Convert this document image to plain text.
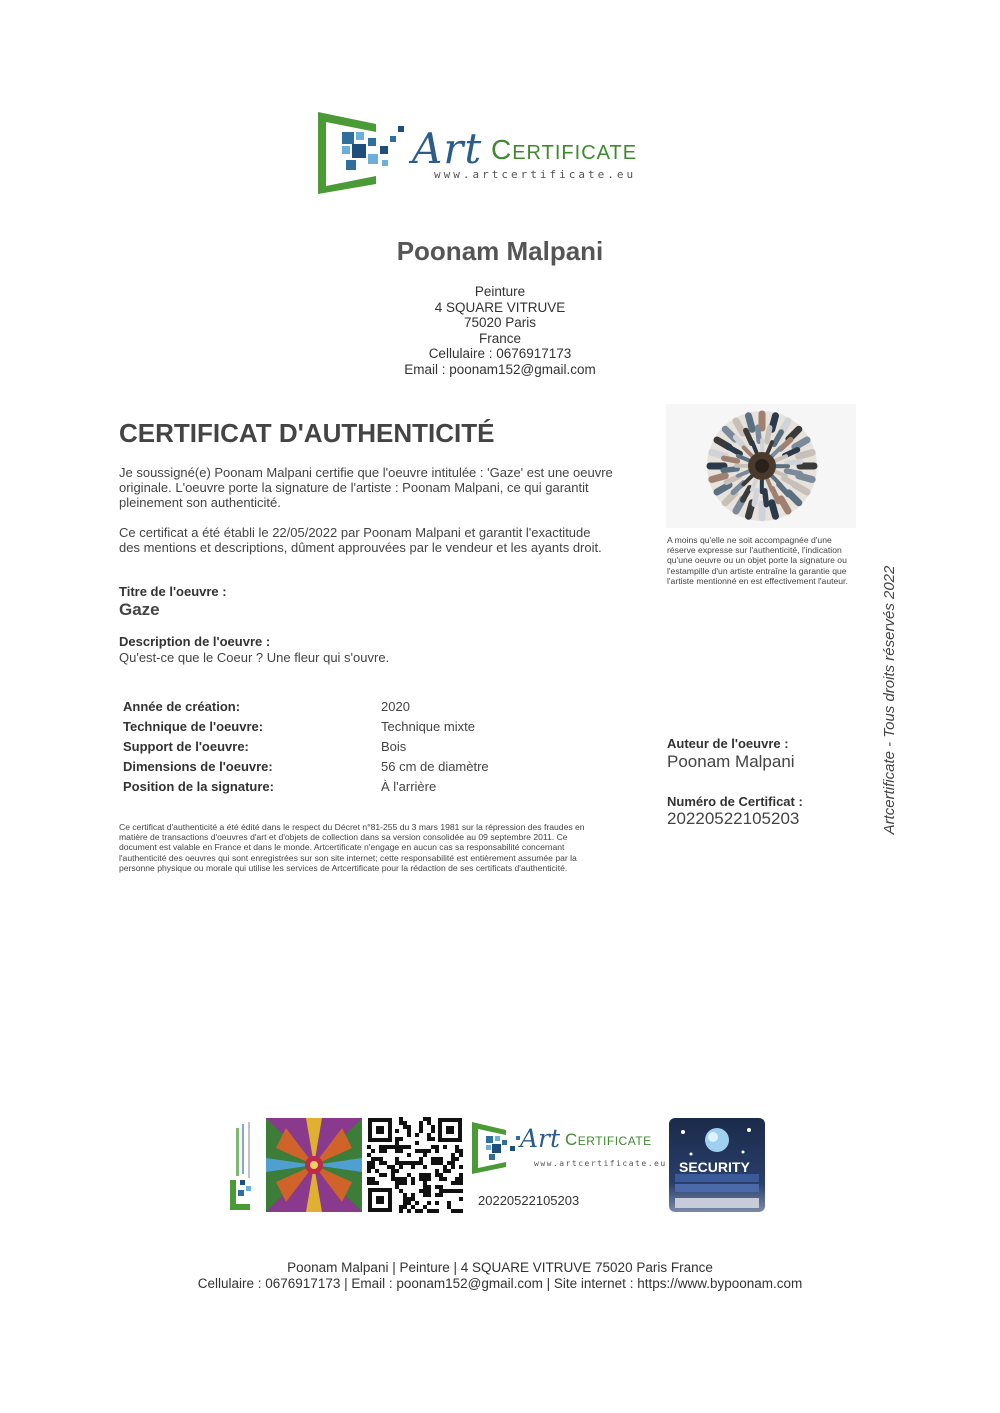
Art Certificate
www.artcertificate.eu
Poonam Malpani
Peinture
4 SQUARE VITRUVE
75020 Paris
France
Cellulaire : 0676917173
Email : poonam152@gmail.com
CERTIFICAT D'AUTHENTICITÉ
Je soussigné(e) Poonam Malpani certifie que l'oeuvre intitulée : 'Gaze' est une oeuvre originale. L'oeuvre porte la signature de l'artiste : Poonam Malpani, ce qui garantit pleinement son authenticité.
Ce certificat a été établi le 22/05/2022 par Poonam Malpani et garantit l'exactitude des mentions et descriptions, dûment approuvées par le vendeur et les ayants droit.
Titre de l'oeuvre :
Gaze
Description de l'oeuvre :
Qu'est-ce que le Coeur ? Une fleur qui s'ouvre.
Année de création:	2020
Technique de l'oeuvre:	Technique mixte
Support de l'oeuvre:	Bois
Dimensions de l'oeuvre:	56 cm de diamètre
Position de la signature:	À l'arrière
Ce certificat d'authenticité a été édité dans le respect du Décret n°81-255 du 3 mars 1981 sur la répression des fraudes en matière de transactions d'oeuvres d'art et d'objets de collection dans sa version consolidée au 09 septembre 2011. Ce document est valable en France et dans le monde. Artcertificate n'engage en aucun cas sa responsabilité concernant l'authenticité des oeuvres qui sont enregistrées sur son site internet; cette responsabilité est entièrement assumée par la personne physique ou morale qui utilise les services de Artcertificate pour la rédaction de ses certificats d'authenticité.
A moins qu'elle ne soit accompagnée d'une réserve expresse sur l'authenticité, l'indication qu'une oeuvre ou un objet porte la signature ou l'estampille d'un artiste entraîne la garantie que l'artiste mentionné en est effectivement l'auteur.
Auteur de l'oeuvre :
Poonam Malpani
Numéro de Certificat :
20220522105203	Artcertificate - Tous droits réservés 2022
Art Certificate
www.artcertificate.eu
20220522105203
SECURITY
Poonam Malpani | Peinture | 4 SQUARE VITRUVE 75020 Paris France
Cellulaire : 0676917173 | Email : poonam152@gmail.com | Site internet : https://www.bypoonam.com
